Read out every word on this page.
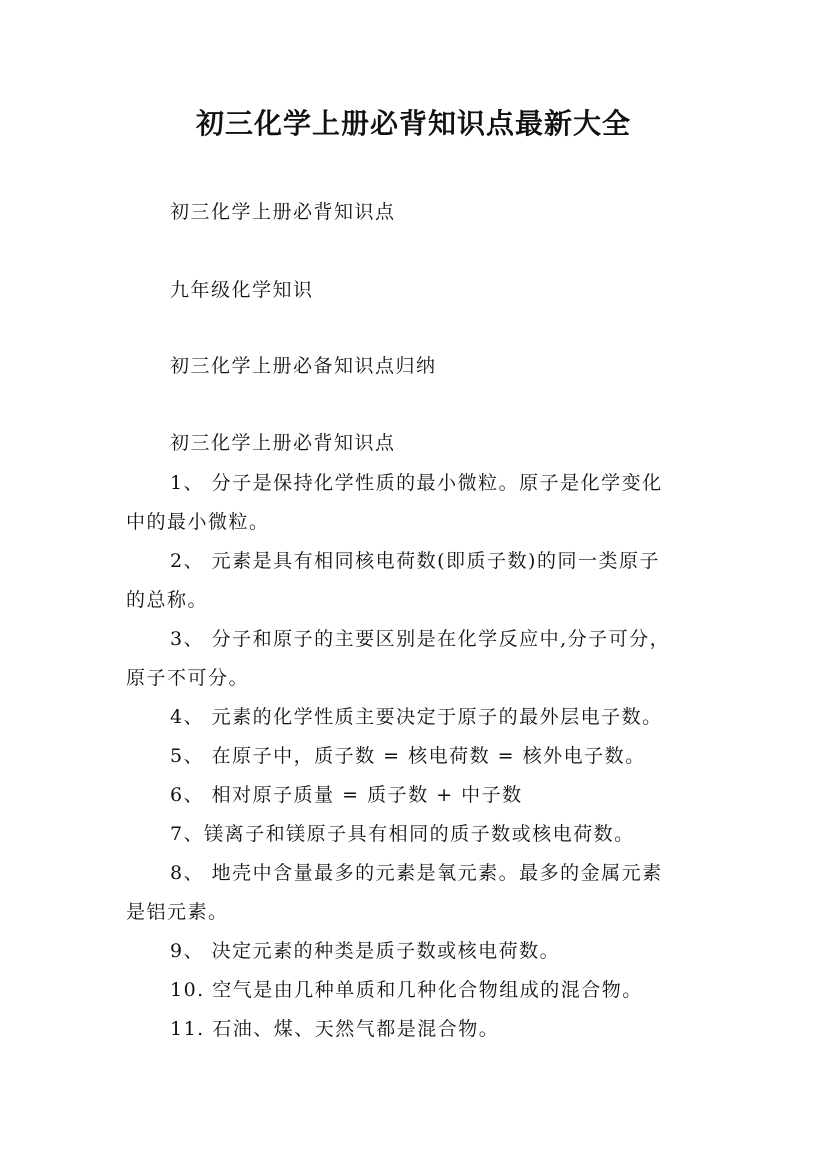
初三化学上册必背知识点最新大全
初三化学上册必背知识点
九年级化学知识
初三化学上册必备知识点归纳
初三化学上册必背知识点
1、 分子是保持化学性质的最小微粒。原子是化学变化
中的最小微粒。
2、 元素是具有相同核电荷数(即质子数)的同一类原子
的总称。
3、 分子和原子的主要区别是在化学反应中,分子可分，
原子不可分。
4、 元素的化学性质主要决定于原子的最外层电子数。
5、 在原子中，质子数 = 核电荷数 = 核外电子数。
6、 相对原子质量 = 质子数 + 中子数
7、镁离子和镁原子具有相同的质子数或核电荷数。
8、 地壳中含量最多的元素是氧元素。最多的金属元素
是铝元素。
9、 决定元素的种类是质子数或核电荷数。
10. 空气是由几种单质和几种化合物组成的混合物。
11. 石油、煤、天然气都是混合物。
